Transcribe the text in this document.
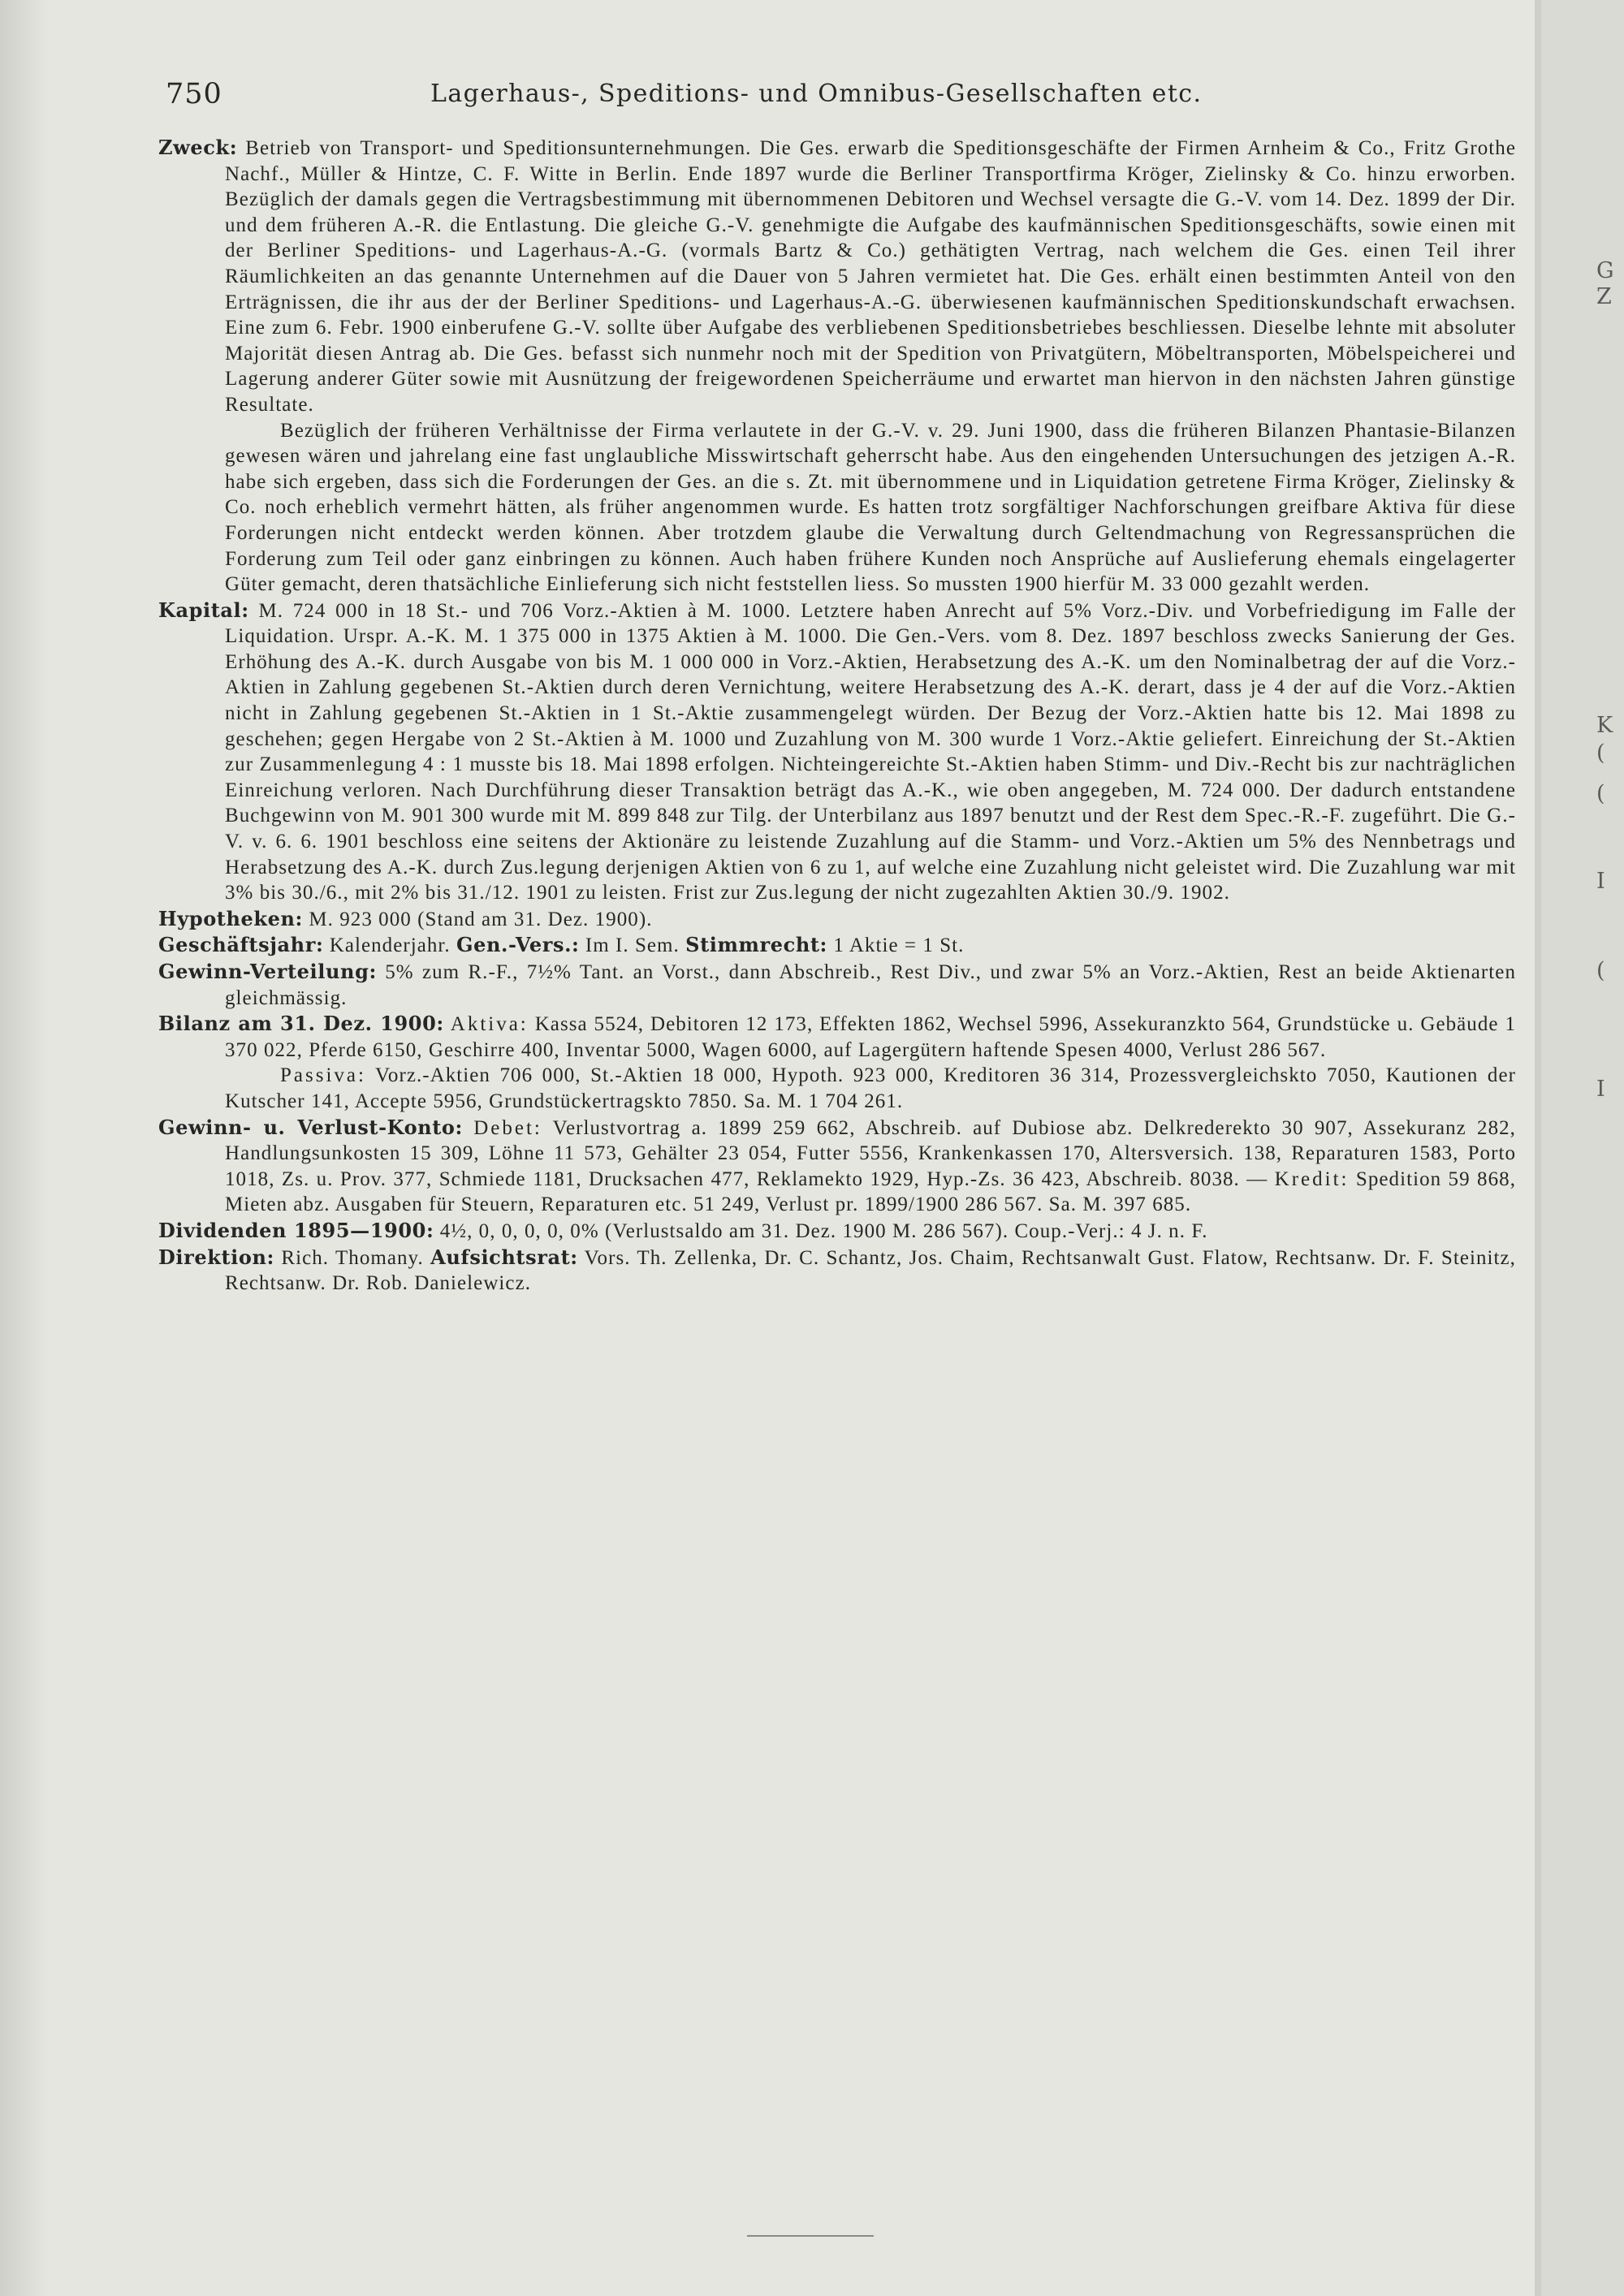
G
Z
K
(
(
I
(
I
750	Lagerhaus-, Speditions- und Omnibus-Gesellschaften etc.

Zweck: Betrieb von Transport- und Speditionsunternehmungen. Die Ges. erwarb die Speditionsgeschäfte der Firmen Arnheim & Co., Fritz Grothe Nachf., Müller & Hintze, C. F. Witte in Berlin. Ende 1897 wurde die Berliner Transportfirma Kröger, Zielinsky & Co. hinzu erworben. Bezüglich der damals gegen die Vertragsbestimmung mit übernommenen Debitoren und Wechsel versagte die G.-V. vom 14. Dez. 1899 der Dir. und dem früheren A.-R. die Entlastung. Die gleiche G.-V. genehmigte die Aufgabe des kaufmännischen Speditionsgeschäfts, sowie einen mit der Berliner Speditions- und Lagerhaus-A.-G. (vormals Bartz & Co.) gethätigten Vertrag, nach welchem die Ges. einen Teil ihrer Räumlichkeiten an das genannte Unternehmen auf die Dauer von 5 Jahren vermietet hat. Die Ges. erhält einen bestimmten Anteil von den Erträgnissen, die ihr aus der der Berliner Speditions- und Lagerhaus-A.-G. überwiesenen kaufmännischen Speditionskundschaft erwachsen. Eine zum 6. Febr. 1900 einberufene G.-V. sollte über Aufgabe des verbliebenen Speditionsbetriebes beschliessen. Dieselbe lehnte mit absoluter Majorität diesen Antrag ab. Die Ges. befasst sich nunmehr noch mit der Spedition von Privatgütern, Möbeltransporten, Möbelspeicherei und Lagerung anderer Güter sowie mit Ausnützung der freigewordenen Speicherräume und erwartet man hiervon in den nächsten Jahren günstige Resultate.

Bezüglich der früheren Verhältnisse der Firma verlautete in der G.-V. v. 29. Juni 1900, dass die früheren Bilanzen Phantasie-Bilanzen gewesen wären und jahrelang eine fast unglaubliche Misswirtschaft geherrscht habe. Aus den eingehenden Untersuchungen des jetzigen A.-R. habe sich ergeben, dass sich die Forderungen der Ges. an die s. Zt. mit übernommene und in Liquidation getretene Firma Kröger, Zielinsky & Co. noch erheblich vermehrt hätten, als früher angenommen wurde. Es hatten trotz sorgfältiger Nachforschungen greifbare Aktiva für diese Forderungen nicht entdeckt werden können. Aber trotzdem glaube die Verwaltung durch Geltendmachung von Regressansprüchen die Forderung zum Teil oder ganz einbringen zu können. Auch haben frühere Kunden noch Ansprüche auf Auslieferung ehemals eingelagerter Güter gemacht, deren thatsächliche Einlieferung sich nicht feststellen liess. So mussten 1900 hierfür M. 33 000 gezahlt werden.

Kapital: M. 724 000 in 18 St.- und 706 Vorz.-Aktien à M. 1000. Letztere haben Anrecht auf 5% Vorz.-Div. und Vorbefriedigung im Falle der Liquidation. Urspr. A.-K. M. 1 375 000 in 1375 Aktien à M. 1000. Die Gen.-Vers. vom 8. Dez. 1897 beschloss zwecks Sanierung der Ges. Erhöhung des A.-K. durch Ausgabe von bis M. 1 000 000 in Vorz.-Aktien, Herabsetzung des A.-K. um den Nominalbetrag der auf die Vorz.-Aktien in Zahlung gegebenen St.-Aktien durch deren Vernichtung, weitere Herabsetzung des A.-K. derart, dass je 4 der auf die Vorz.-Aktien nicht in Zahlung gegebenen St.-Aktien in 1 St.-Aktie zusammengelegt würden. Der Bezug der Vorz.-Aktien hatte bis 12. Mai 1898 zu geschehen; gegen Hergabe von 2 St.-Aktien à M. 1000 und Zuzahlung von M. 300 wurde 1 Vorz.-Aktie geliefert. Einreichung der St.-Aktien zur Zusammenlegung 4 : 1 musste bis 18. Mai 1898 erfolgen. Nichteingereichte St.-Aktien haben Stimm- und Div.-Recht bis zur nachträglichen Einreichung verloren. Nach Durchführung dieser Transaktion beträgt das A.-K., wie oben angegeben, M. 724 000. Der dadurch entstandene Buchgewinn von M. 901 300 wurde mit M. 899 848 zur Tilg. der Unterbilanz aus 1897 benutzt und der Rest dem Spec.-R.-F. zugeführt. Die G.-V. v. 6. 6. 1901 beschloss eine seitens der Aktionäre zu leistende Zuzahlung auf die Stamm- und Vorz.-Aktien um 5% des Nennbetrags und Herabsetzung des A.-K. durch Zus.legung derjenigen Aktien von 6 zu 1, auf welche eine Zuzahlung nicht geleistet wird. Die Zuzahlung war mit 3% bis 30./6., mit 2% bis 31./12. 1901 zu leisten. Frist zur Zus.legung der nicht zugezahlten Aktien 30./9. 1902.

Hypotheken: M. 923 000 (Stand am 31. Dez. 1900).

Geschäftsjahr: Kalenderjahr. Gen.-Vers.: Im I. Sem. Stimmrecht: 1 Aktie = 1 St.

Gewinn-Verteilung: 5% zum R.-F., 7½% Tant. an Vorst., dann Abschreib., Rest Div., und zwar 5% an Vorz.-Aktien, Rest an beide Aktienarten gleichmässig.

Bilanz am 31. Dez. 1900: Aktiva: Kassa 5524, Debitoren 12 173, Effekten 1862, Wechsel 5996, Assekuranzkto 564, Grundstücke u. Gebäude 1 370 022, Pferde 6150, Geschirre 400, Inventar 5000, Wagen 6000, auf Lagergütern haftende Spesen 4000, Verlust 286 567.

Passiva: Vorz.-Aktien 706 000, St.-Aktien 18 000, Hypoth. 923 000, Kreditoren 36 314, Prozessvergleichskto 7050, Kautionen der Kutscher 141, Accepte 5956, Grundstückertragskto 7850. Sa. M. 1 704 261.

Gewinn- u. Verlust-Konto: Debet: Verlustvortrag a. 1899 259 662, Abschreib. auf Dubiose abz. Delkrederekto 30 907, Assekuranz 282, Handlungsunkosten 15 309, Löhne 11 573, Gehälter 23 054, Futter 5556, Krankenkassen 170, Altersversich. 138, Reparaturen 1583, Porto 1018, Zs. u. Prov. 377, Schmiede 1181, Drucksachen 477, Reklamekto 1929, Hyp.-Zs. 36 423, Abschreib. 8038. — Kredit: Spedition 59 868, Mieten abz. Ausgaben für Steuern, Reparaturen etc. 51 249, Verlust pr. 1899/1900 286 567. Sa. M. 397 685.

Dividenden 1895—1900: 4½, 0, 0, 0, 0, 0% (Verlustsaldo am 31. Dez. 1900 M. 286 567). Coup.-Verj.: 4 J. n. F.

Direktion: Rich. Thomany. Aufsichtsrat: Vors. Th. Zellenka, Dr. C. Schantz, Jos. Chaim, Rechtsanwalt Gust. Flatow, Rechtsanw. Dr. F. Steinitz, Rechtsanw. Dr. Rob. Danielewicz.
